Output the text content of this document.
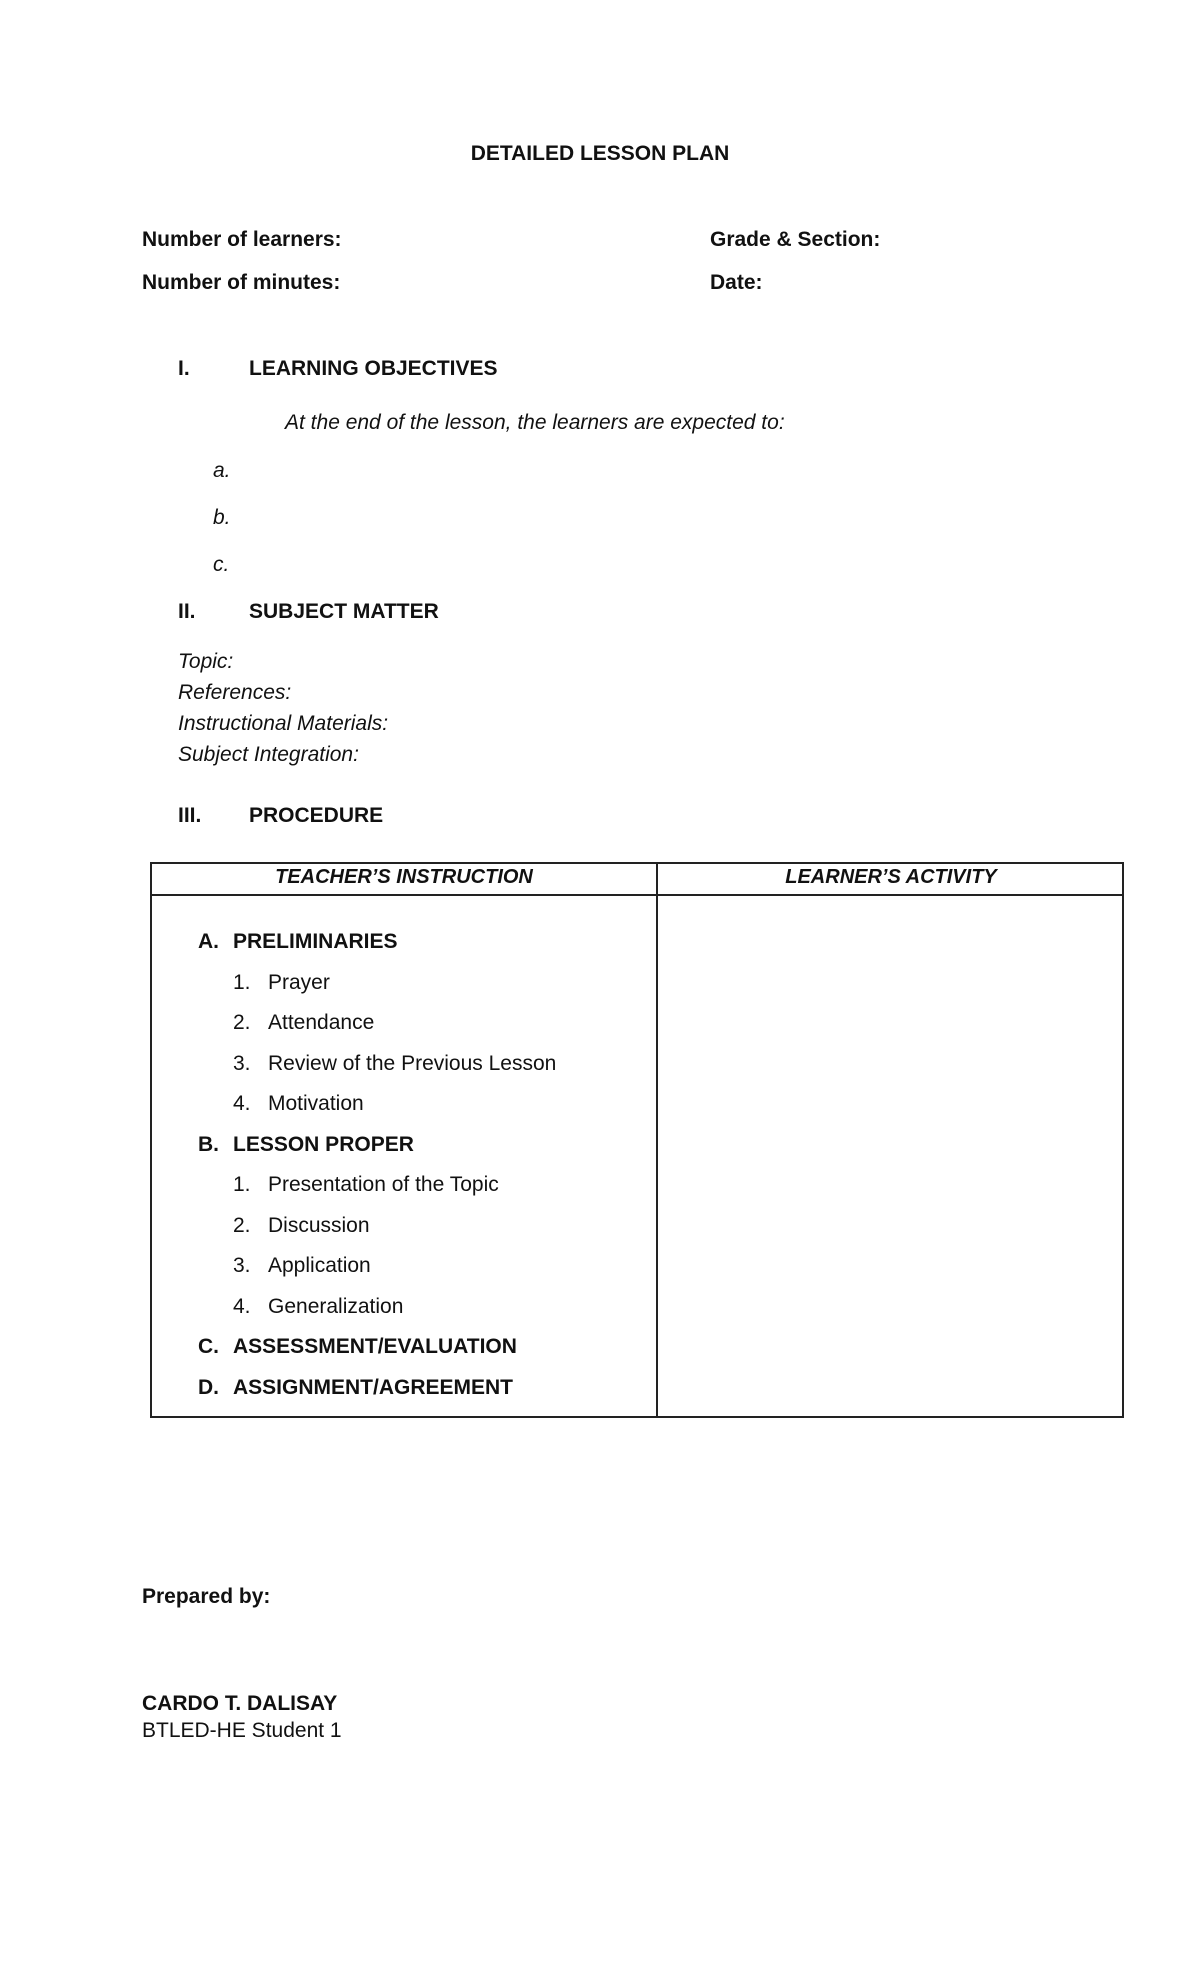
DETAILED LESSON PLAN
Number of learners:	Grade & Section:
Number of minutes:	Date:
I.	LEARNING OBJECTIVES
At the end of the lesson, the learners are expected to:
a.
b.
c.
II.	SUBJECT MATTER
Topic:
References:
Instructional Materials:
Subject Integration:
III. PROCEDURE
TEACHER’S INSTRUCTION	LEARNER’S ACTIVITY
A. PRELIMINARIES
1. Prayer
2. Attendance
3. Review of the Previous Lesson
4. Motivation
B. LESSON PROPER
1. Presentation of the Topic
2. Discussion
3. Application
4. Generalization
C. ASSESSMENT/EVALUATION
D. ASSIGNMENT/AGREEMENT
Prepared by:
CARDO T. DALISAY
BTLED-HE Student 1
